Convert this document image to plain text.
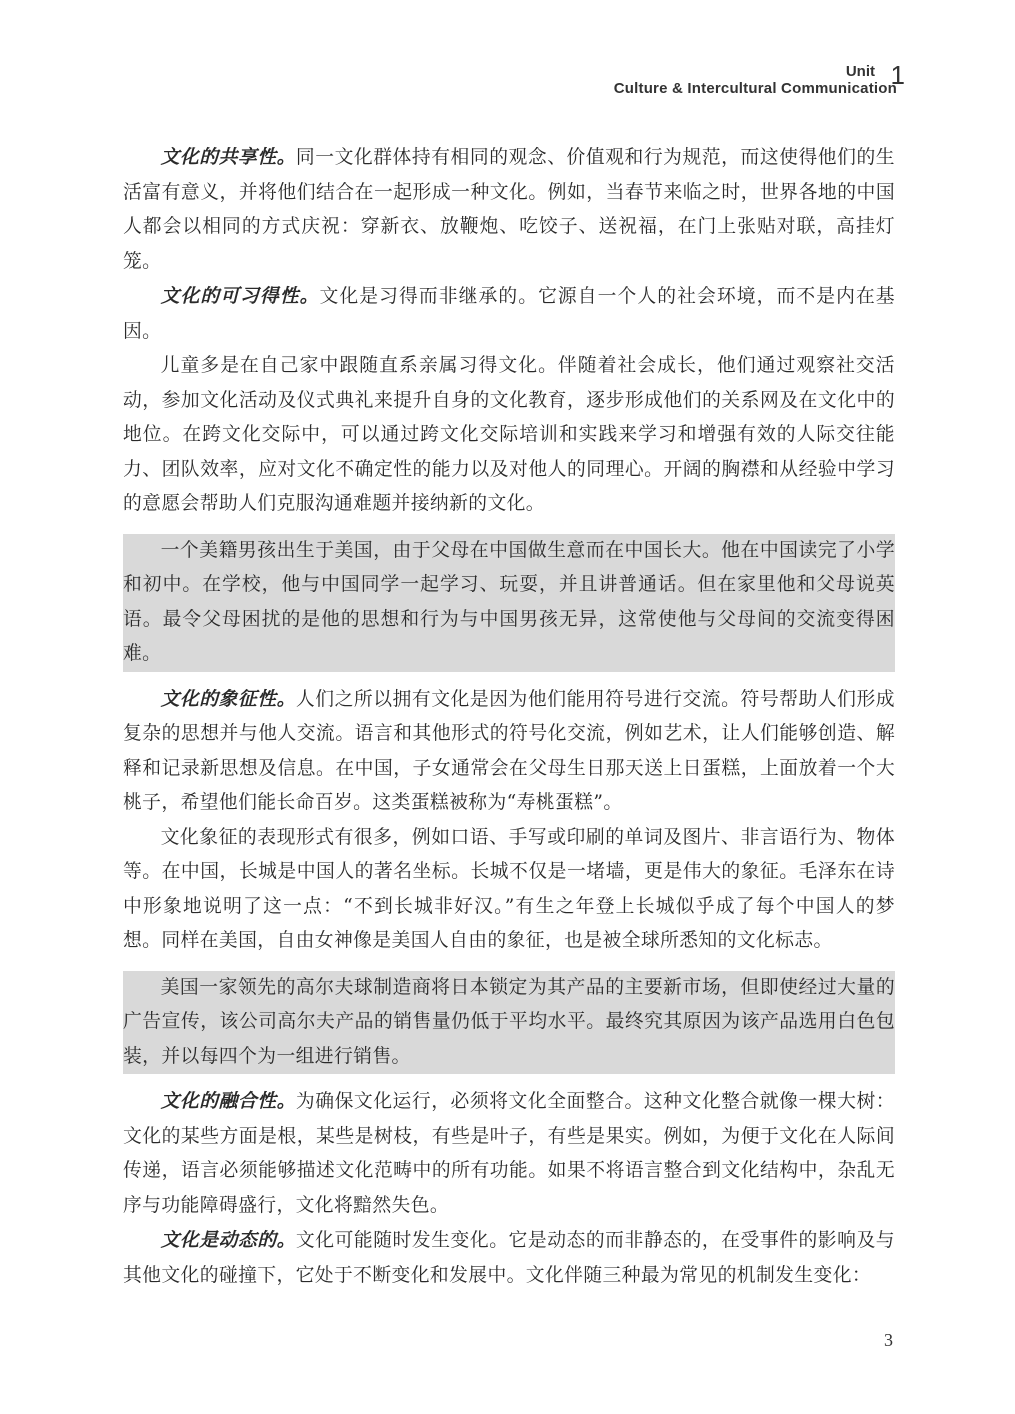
Unit
Culture & Intercultural Communication
1

文化的共享性。同一文化群体持有相同的观念、价值观和行为规范，而这使得他们的生活富有意义，并将他们结合在一起形成一种文化。例如，当春节来临之时，世界各地的中国人都会以相同的方式庆祝：穿新衣、放鞭炮、吃饺子、送祝福，在门上张贴对联，高挂灯笼。

文化的可习得性。文化是习得而非继承的。它源自一个人的社会环境，而不是内在基因。

儿童多是在自己家中跟随直系亲属习得文化。伴随着社会成长，他们通过观察社交活动，参加文化活动及仪式典礼来提升自身的文化教育，逐步形成他们的关系网及在文化中的地位。在跨文化交际中，可以通过跨文化交际培训和实践来学习和增强有效的人际交往能力、团队效率，应对文化不确定性的能力以及对他人的同理心。开阔的胸襟和从经验中学习的意愿会帮助人们克服沟通难题并接纳新的文化。

一个美籍男孩出生于美国，由于父母在中国做生意而在中国长大。他在中国读完了小学和初中。在学校，他与中国同学一起学习、玩耍，并且讲普通话。但在家里他和父母说英语。最令父母困扰的是他的思想和行为与中国男孩无异，这常使他与父母间的交流变得困难。

文化的象征性。人们之所以拥有文化是因为他们能用符号进行交流。符号帮助人们形成复杂的思想并与他人交流。语言和其他形式的符号化交流，例如艺术，让人们能够创造、解释和记录新思想及信息。在中国，子女通常会在父母生日那天送上日蛋糕，上面放着一个大桃子，希望他们能长命百岁。这类蛋糕被称为“寿桃蛋糕”。

文化象征的表现形式有很多，例如口语、手写或印刷的单词及图片、非言语行为、物体等。在中国，长城是中国人的著名坐标。长城不仅是一堵墙，更是伟大的象征。毛泽东在诗中形象地说明了这一点：“不到长城非好汉。”有生之年登上长城似乎成了每个中国人的梦想。同样在美国，自由女神像是美国人自由的象征，也是被全球所悉知的文化标志。

美国一家领先的高尔夫球制造商将日本锁定为其产品的主要新市场，但即使经过大量的广告宣传，该公司高尔夫产品的销售量仍低于平均水平。最终究其原因为该产品选用白色包装，并以每四个为一组进行销售。

文化的融合性。为确保文化运行，必须将文化全面整合。这种文化整合就像一棵大树：文化的某些方面是根，某些是树枝，有些是叶子，有些是果实。例如，为便于文化在人际间传递，语言必须能够描述文化范畴中的所有功能。如果不将语言整合到文化结构中，杂乱无序与功能障碍盛行，文化将黯然失色。

文化是动态的。文化可能随时发生变化。它是动态的而非静态的，在受事件的影响及与其他文化的碰撞下，它处于不断变化和发展中。文化伴随三种最为常见的机制发生变化：

3
